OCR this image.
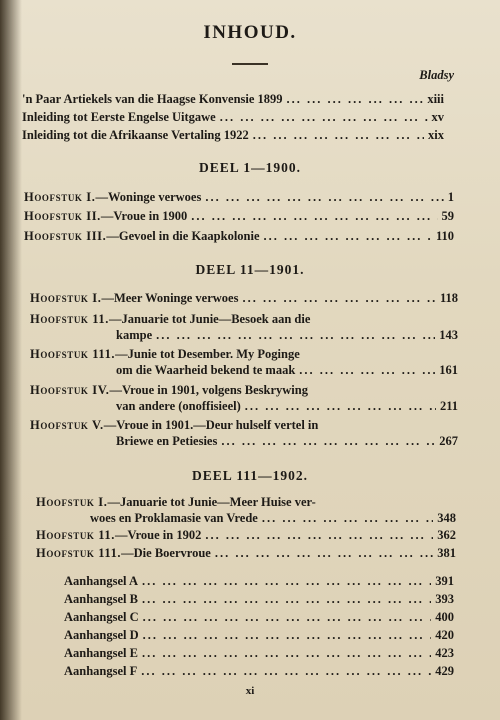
INHOUD.
Bladsy
'n Paar Artiekels van die Haagse Konvensie 1899 ... .	xiii
Inleiding tot Eerste Engelse Uitgawe ... .	xv
Inleiding tot die Afrikaanse Vertaling 1922 ... .	xix
DEEL 1—1900.
Hoofstuk I.—Woninge verwoes ... .	1
Hoofstuk II.—Vroue in 1900 ... .	59
Hoofstuk III.—Gevoel in die Kaapkolonie ... .	110
DEEL 11—1901.
Hoofstuk I.—Meer Woninge verwoes ... .	118
Hoofstuk 11.—Januarie tot Junie—Besoek aan die
kampe ... .	143
Hoofstuk 111.—Junie tot Desember. My Poginge
om die Waarheid bekend te maak ... .	161
Hoofstuk IV.—Vroue in 1901, volgens Beskrywing
van andere (onoffisieel) ... .	211
Hoofstuk V.—Vroue in 1901.—Deur hulself vertel in
Briewe en Petiesies ... .	267
DEEL 111—1902.
Hoofstuk I.—Januarie tot Junie—Meer Huise ver-
woes en Proklamasie van Vrede ... .	348
Hoofstuk 11.—Vroue in 1902 ... .	362
Hoofstuk 111.—Die Boervroue ... .	381
Aanhangsel A ... .	391
Aanhangsel B ... .	393
Aanhangsel C ... .	400
Aanhangsel D ... .	420
Aanhangsel E ... .	423
Aanhangsel F ... .	429
xi
